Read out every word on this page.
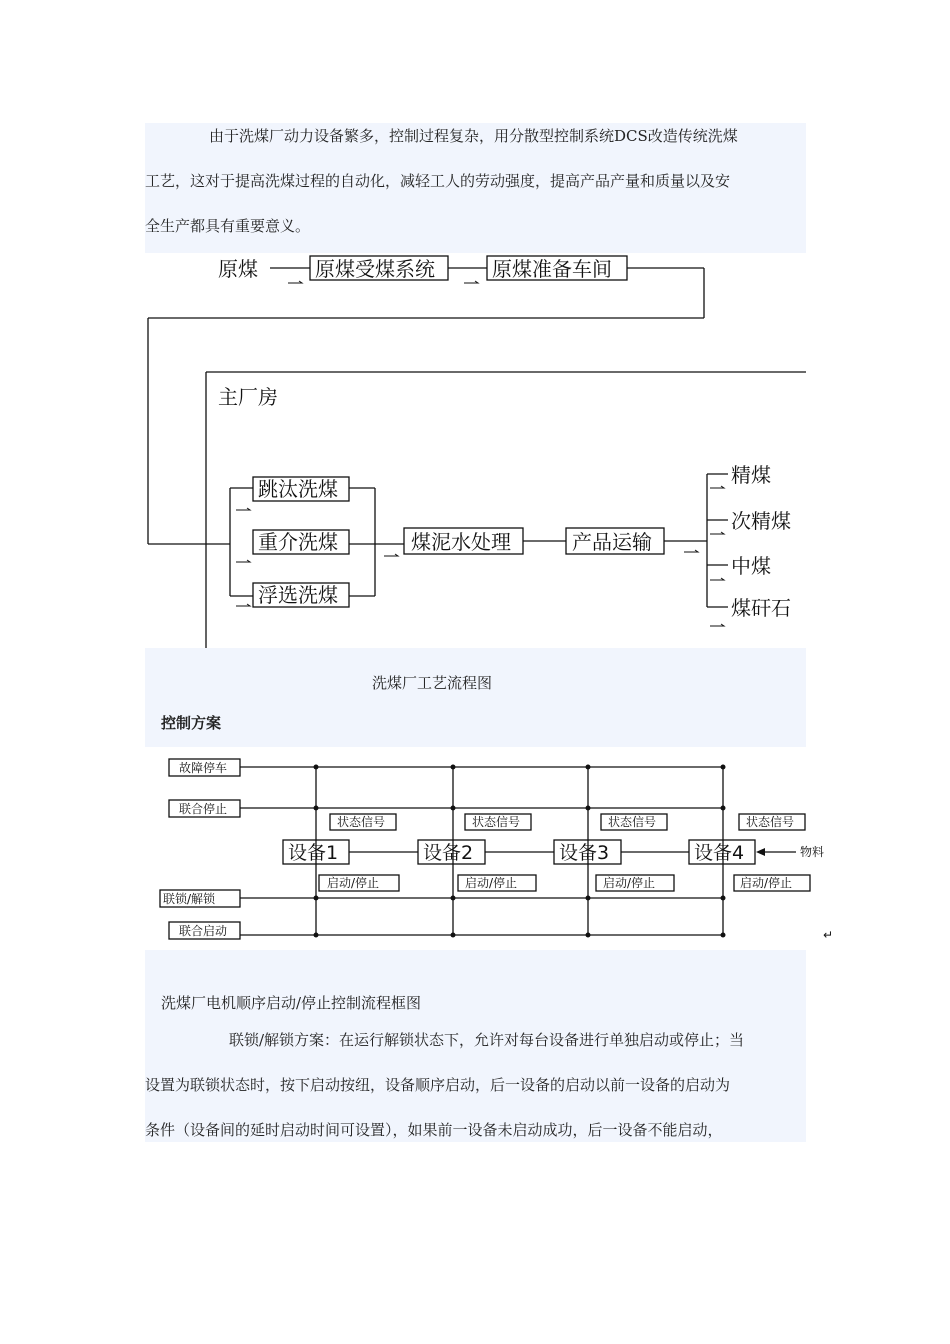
由于洗煤厂动力设备繁多，控制过程复杂，用分散型控制系统DCS改造传统洗煤
工艺，这对于提高洗煤过程的自动化，减轻工人的劳动强度，提高产品产量和质量以及安
全生产都具有重要意义。
原煤	原煤受煤系统	原煤准备车间
主厂房
跳汰洗煤
重介洗煤
浮选洗煤
煤泥水处理	产品运输
精煤
次精煤
中煤
煤矸石
洗煤厂工艺流程图
控制方案
故障停车
联合停止
联锁/解锁
联合启动
设备1	设备2	设备3	设备4
状态信号	状态信号	状态信号	状态信号
启动/停止	启动/停止	启动/停止	启动/停止
物料
↵
洗煤厂电机顺序启动/停止控制流程框图
联锁/解锁方案：在运行解锁状态下，允许对每台设备进行单独启动或停止；当
设置为联锁状态时，按下启动按纽，设备顺序启动，后一设备的启动以前一设备的启动为
条件（设备间的延时启动时间可设置），如果前一设备未启动成功，后一设备不能启动，
